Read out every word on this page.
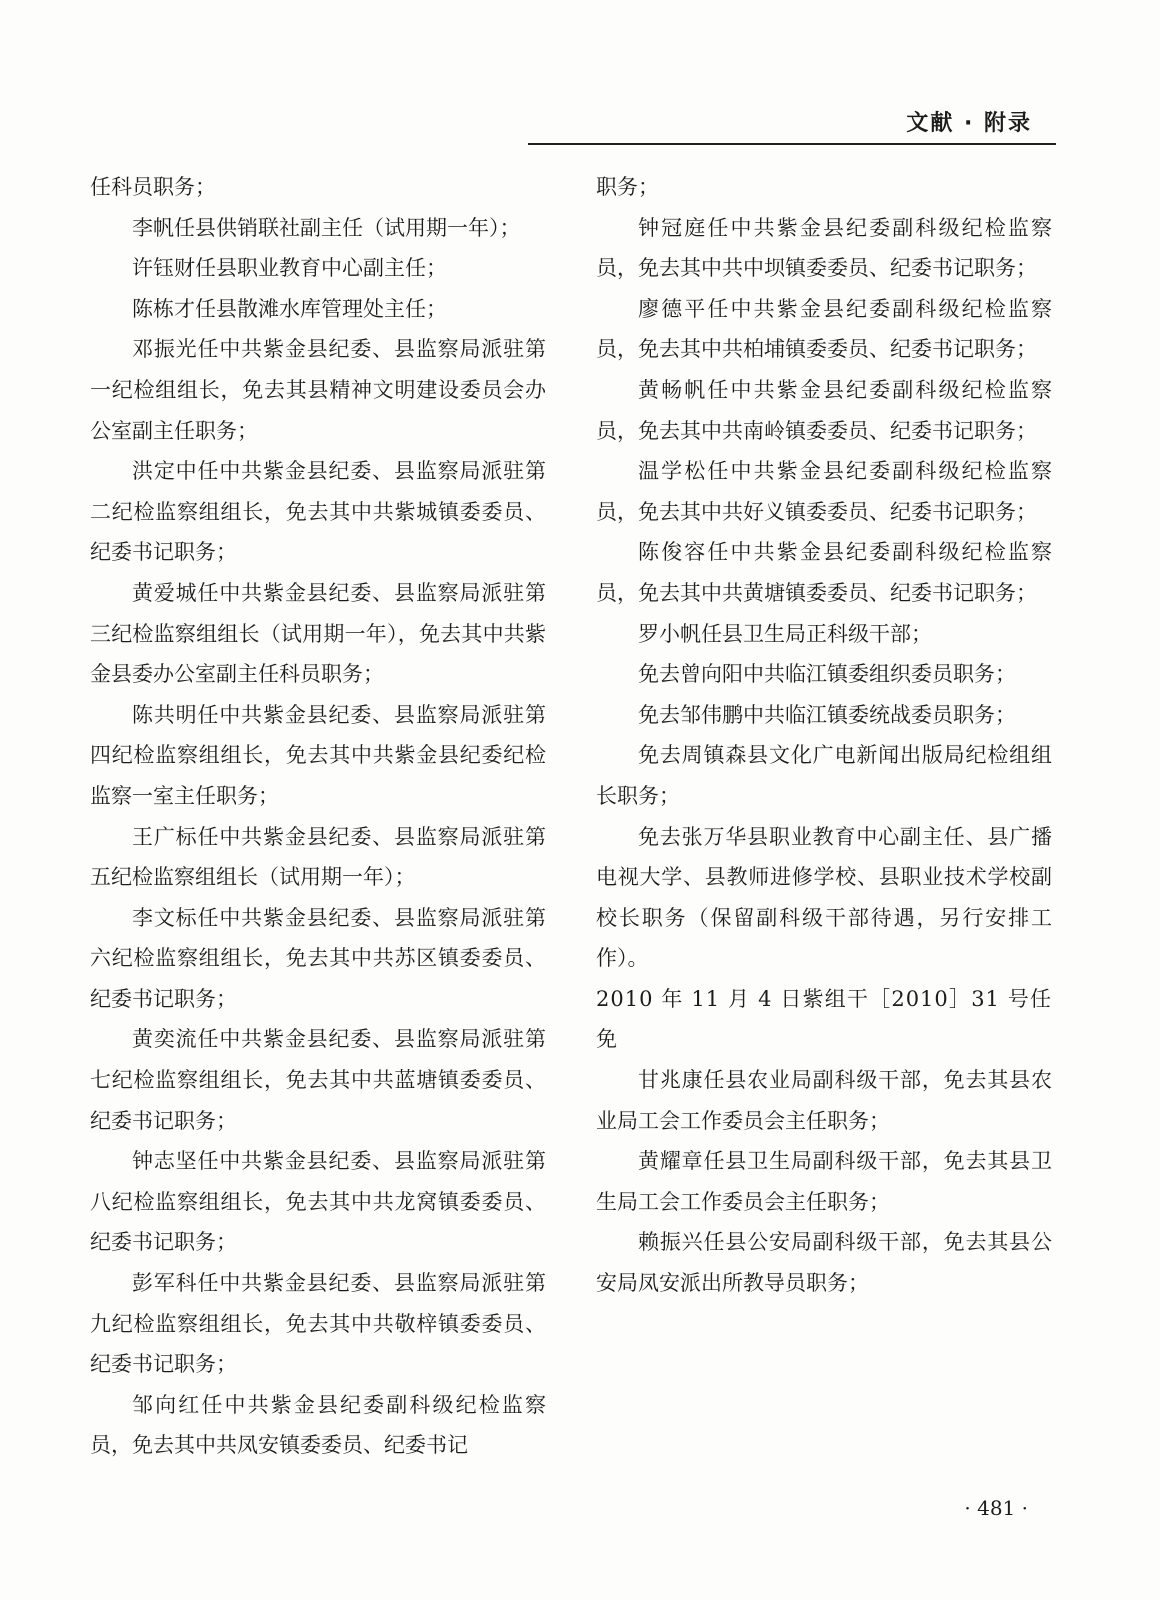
文献 · 附录

任科员职务；

李帆任县供销联社副主任（试用期一年）；

许钰财任县职业教育中心副主任；

陈栋才任县散滩水库管理处主任；

邓振光任中共紫金县纪委、县监察局派驻第一纪检组组长，免去其县精神文明建设委员会办公室副主任职务；

洪定中任中共紫金县纪委、县监察局派驻第二纪检监察组组长，免去其中共紫城镇委委员、纪委书记职务；

黄爱城任中共紫金县纪委、县监察局派驻第三纪检监察组组长（试用期一年），免去其中共紫金县委办公室副主任科员职务；

陈共明任中共紫金县纪委、县监察局派驻第四纪检监察组组长，免去其中共紫金县纪委纪检监察一室主任职务；

王广标任中共紫金县纪委、县监察局派驻第五纪检监察组组长（试用期一年）；

李文标任中共紫金县纪委、县监察局派驻第六纪检监察组组长，免去其中共苏区镇委委员、纪委书记职务；

黄奕流任中共紫金县纪委、县监察局派驻第七纪检监察组组长，免去其中共蓝塘镇委委员、纪委书记职务；

钟志坚任中共紫金县纪委、县监察局派驻第八纪检监察组组长，免去其中共龙窝镇委委员、纪委书记职务；

彭军科任中共紫金县纪委、县监察局派驻第九纪检监察组组长，免去其中共敬梓镇委委员、纪委书记职务；

邹向红任中共紫金县纪委副科级纪检监察员，免去其中共凤安镇委委员、纪委书记

职务；

钟冠庭任中共紫金县纪委副科级纪检监察员，免去其中共中坝镇委委员、纪委书记职务；

廖德平任中共紫金县纪委副科级纪检监察员，免去其中共柏埔镇委委员、纪委书记职务；

黄畅帆任中共紫金县纪委副科级纪检监察员，免去其中共南岭镇委委员、纪委书记职务；

温学松任中共紫金县纪委副科级纪检监察员，免去其中共好义镇委委员、纪委书记职务；

陈俊容任中共紫金县纪委副科级纪检监察员，免去其中共黄塘镇委委员、纪委书记职务；

罗小帆任县卫生局正科级干部；

免去曾向阳中共临江镇委组织委员职务；

免去邹伟鹏中共临江镇委统战委员职务；

免去周镇森县文化广电新闻出版局纪检组组长职务；

免去张万华县职业教育中心副主任、县广播电视大学、县教师进修学校、县职业技术学校副校长职务（保留副科级干部待遇，另行安排工作）。

2010 年 11 月 4 日紫组干［2010］31 号任免

甘兆康任县农业局副科级干部，免去其县农业局工会工作委员会主任职务；

黄耀章任县卫生局副科级干部，免去其县卫生局工会工作委员会主任职务；

赖振兴任县公安局副科级干部，免去其县公安局凤安派出所教导员职务；

· 481 ·
